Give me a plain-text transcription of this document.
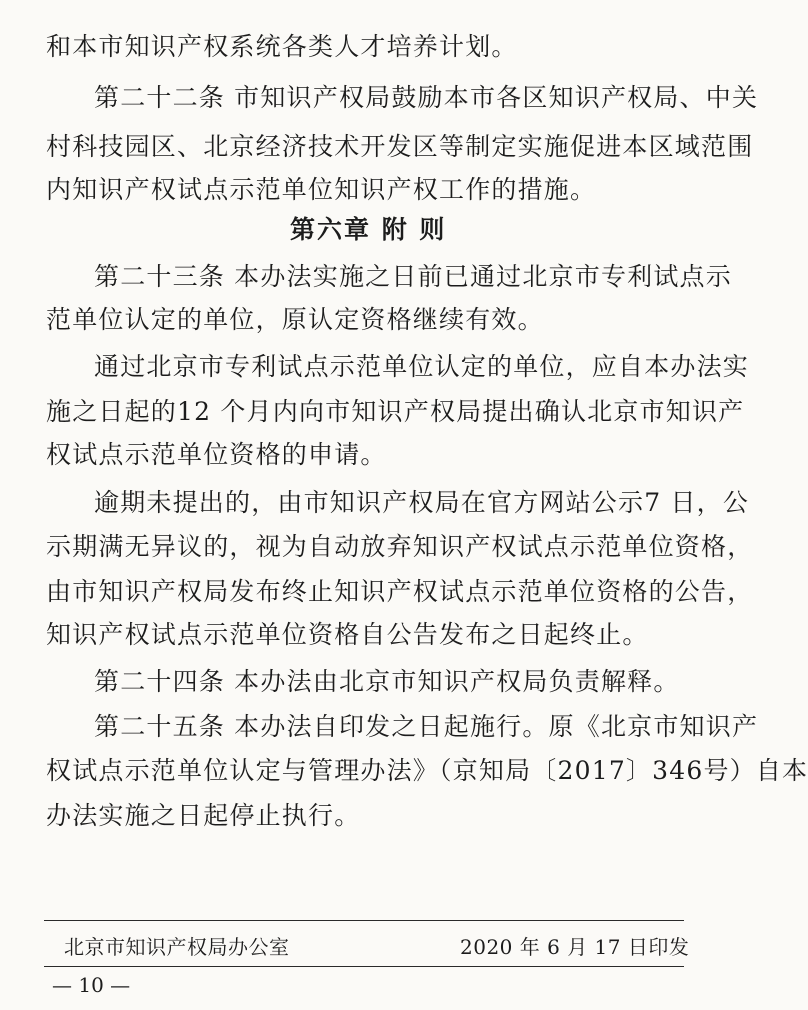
和本市知识产权系统各类人才培养计划。
第二十二条 市知识产权局鼓励本市各区知识产权局、中关
村科技园区、北京经济技术开发区等制定实施促进本区域范围
内知识产权试点示范单位知识产权工作的措施。
第六章 附 则
第二十三条 本办法实施之日前已通过北京市专利试点示
范单位认定的单位，原认定资格继续有效。
通过北京市专利试点示范单位认定的单位，应自本办法实
施之日起的12 个月内向市知识产权局提出确认北京市知识产
权试点示范单位资格的申请。
逾期未提出的，由市知识产权局在官方网站公示7 日，公
示期满无异议的，视为自动放弃知识产权试点示范单位资格，
由市知识产权局发布终止知识产权试点示范单位资格的公告，
知识产权试点示范单位资格自公告发布之日起终止。
第二十四条 本办法由北京市知识产权局负责解释。
第二十五条 本办法自印发之日起施行。原《北京市知识产
权试点示范单位认定与管理办法》（京知局〔2017〕346号）自本
办法实施之日起停止执行。
北京市知识产权局办公室	2020 年 6 月 17 日印发
— 10 —
